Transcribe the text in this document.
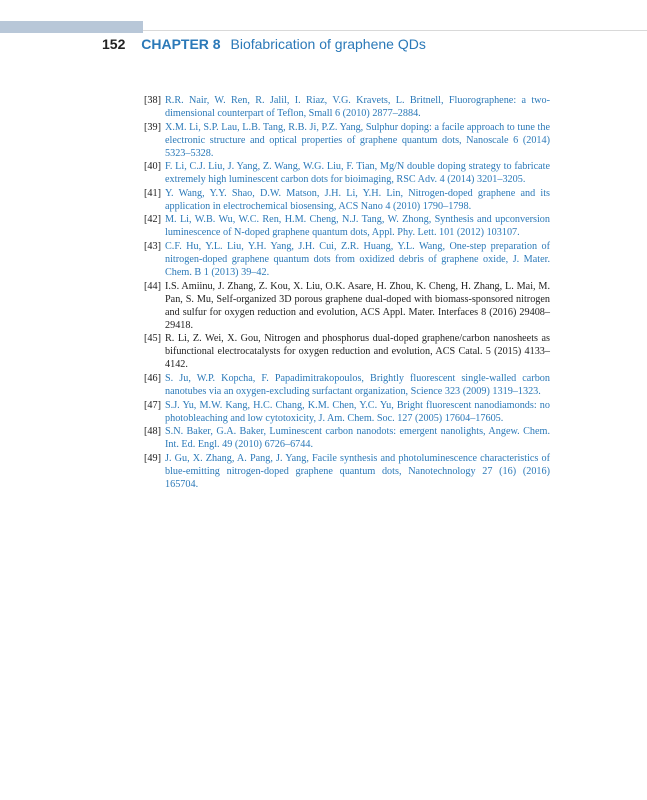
152 CHAPTER 8 Biofabrication of graphene QDs
[38] R.R. Nair, W. Ren, R. Jalil, I. Riaz, V.G. Kravets, L. Britnell, Fluorographene: a two-dimensional counterpart of Teflon, Small 6 (2010) 2877–2884.
[39] X.M. Li, S.P. Lau, L.B. Tang, R.B. Ji, P.Z. Yang, Sulphur doping: a facile approach to tune the electronic structure and optical properties of graphene quantum dots, Nanoscale 6 (2014) 5323–5328.
[40] F. Li, C.J. Liu, J. Yang, Z. Wang, W.G. Liu, F. Tian, Mg/N double doping strategy to fabricate extremely high luminescent carbon dots for bioimaging, RSC Adv. 4 (2014) 3201–3205.
[41] Y. Wang, Y.Y. Shao, D.W. Matson, J.H. Li, Y.H. Lin, Nitrogen-doped graphene and its application in electrochemical biosensing, ACS Nano 4 (2010) 1790–1798.
[42] M. Li, W.B. Wu, W.C. Ren, H.M. Cheng, N.J. Tang, W. Zhong, Synthesis and upconversion luminescence of N-doped graphene quantum dots, Appl. Phy. Lett. 101 (2012) 103107.
[43] C.F. Hu, Y.L. Liu, Y.H. Yang, J.H. Cui, Z.R. Huang, Y.L. Wang, One-step preparation of nitrogen-doped graphene quantum dots from oxidized debris of graphene oxide, J. Mater. Chem. B 1 (2013) 39–42.
[44] I.S. Amiinu, J. Zhang, Z. Kou, X. Liu, O.K. Asare, H. Zhou, K. Cheng, H. Zhang, L. Mai, M. Pan, S. Mu, Self-organized 3D porous graphene dual-doped with biomass-sponsored nitrogen and sulfur for oxygen reduction and evolution, ACS Appl. Mater. Interfaces 8 (2016) 29408–29418.
[45] R. Li, Z. Wei, X. Gou, Nitrogen and phosphorus dual-doped graphene/carbon nanosheets as bifunctional electrocatalysts for oxygen reduction and evolution, ACS Catal. 5 (2015) 4133–4142.
[46] S. Ju, W.P. Kopcha, F. Papadimitrakopoulos, Brightly fluorescent single-walled carbon nanotubes via an oxygen-excluding surfactant organization, Science 323 (2009) 1319–1323.
[47] S.J. Yu, M.W. Kang, H.C. Chang, K.M. Chen, Y.C. Yu, Bright fluorescent nanodiamonds: no photobleaching and low cytotoxicity, J. Am. Chem. Soc. 127 (2005) 17604–17605.
[48] S.N. Baker, G.A. Baker, Luminescent carbon nanodots: emergent nanolights, Angew. Chem. Int. Ed. Engl. 49 (2010) 6726–6744.
[49] J. Gu, X. Zhang, A. Pang, J. Yang, Facile synthesis and photoluminescence characteristics of blue-emitting nitrogen-doped graphene quantum dots, Nanotechnology 27 (16) (2016) 165704.
